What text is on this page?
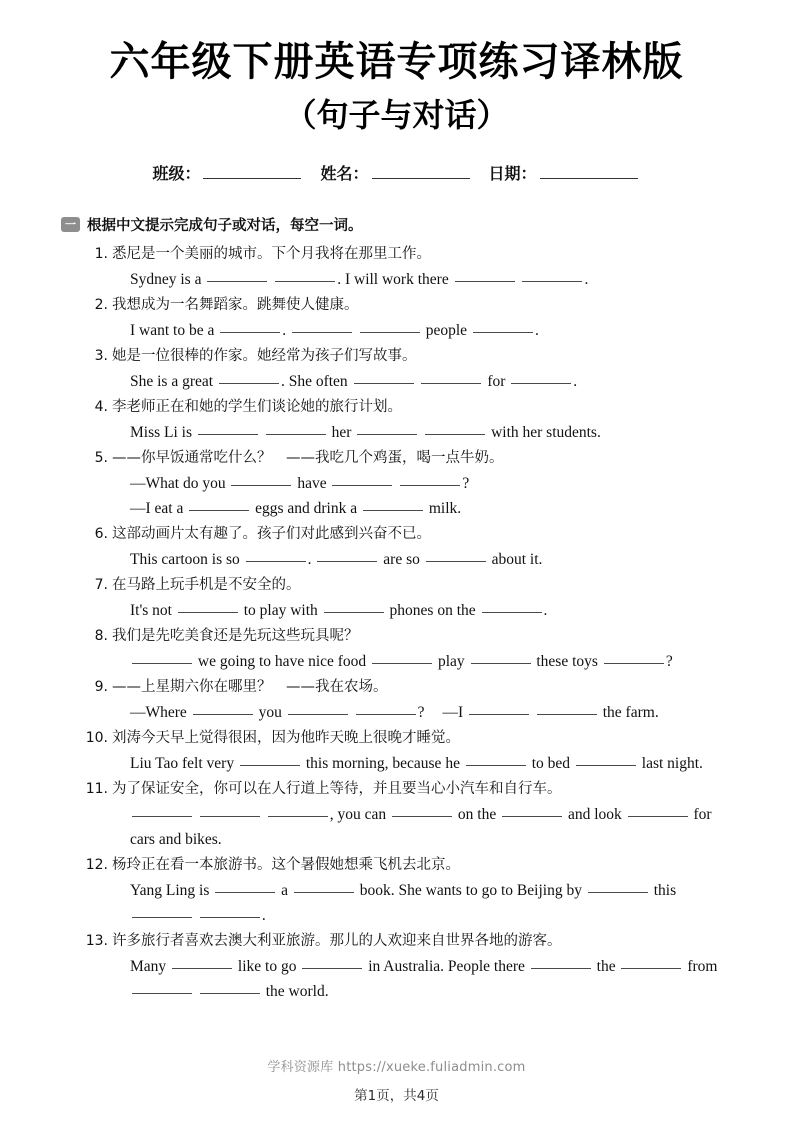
六年级下册英语专项练习译林版
（句子与对话）
班级：	姓名：	日期：
一 根据中文提示完成句子或对话，每空一词。
1. 悉尼是一个美丽的城市。下个月我将在那里工作。
Sydney is a	. I will work there	.
2. 我想成为一名舞蹈家。跳舞使人健康。
I want to be a	.	people	.
3. 她是一位很棒的作家。她经常为孩子们写故事。
She is a great	. She often	for	.
4. 李老师正在和她的学生们谈论她的旅行计划。
Miss Li is	her	with her students.
5. ——你早饭通常吃什么？　——我吃几个鸡蛋，喝一点牛奶。
—What do you	have	?
—I eat a	eggs and drink a	milk.
6. 这部动画片太有趣了。孩子们对此感到兴奋不已。
This cartoon is so	.	are so	about it.
7. 在马路上玩手机是不安全的。
It's not	to play with	phones on the	.
8. 我们是先吃美食还是先玩这些玩具呢？
we going to have nice food	play	these toys	?
9. ——上星期六你在哪里？　——我在农场。
—Where	you	? —I	the farm.
10. 刘涛今天早上觉得很困，因为他昨天晚上很晚才睡觉。
Liu Tao felt very	this morning, because he	to bed	last night.
11. 为了保证安全，你可以在人行道上等待，并且要当心小汽车和自行车。
, you can	on the	and look	for
cars and bikes.
12. 杨玲正在看一本旅游书。这个暑假她想乘飞机去北京。
Yang Ling is	a	book. She wants to go to Beijing by	this
.
13. 许多旅行者喜欢去澳大利亚旅游。那儿的人欢迎来自世界各地的游客。
Many	like to go	in Australia. People there	the	from
the world.
学科资源库 https://xueke.fuliadmin.com
第1页，共4页
